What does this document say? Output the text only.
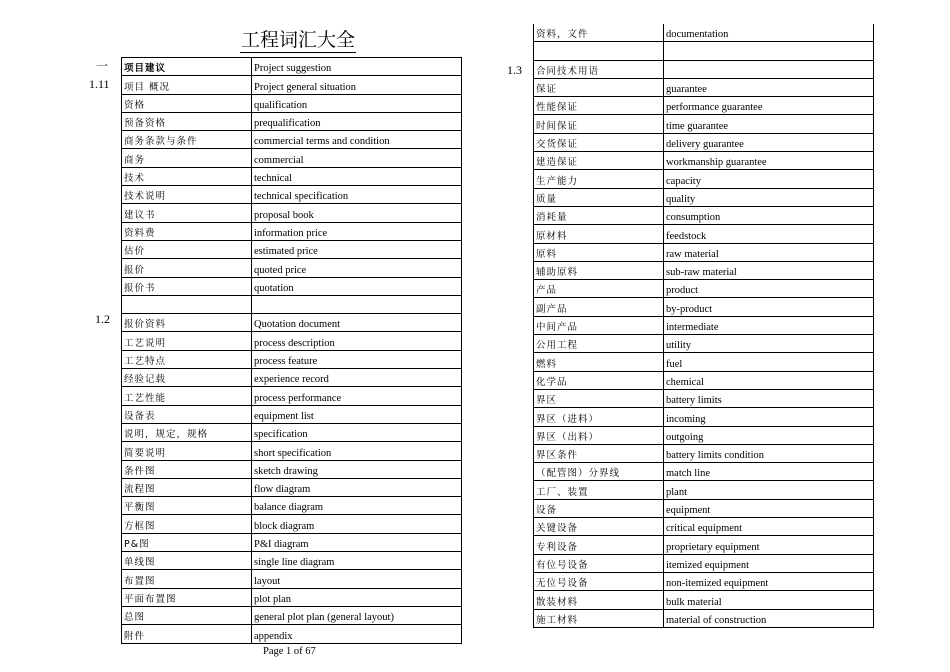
工程词汇大全
一
1.11
1.2
1.3
项目建议	Project suggestion
项目 概况	Project general situation
资格	qualification
预备资格	prequalification
商务条款与条件	commercial terms and condition
商务	commercial
技术	technical
技术说明	technical specification
建议书	proposal book
资料费	information price
估价	estimated price
报价	quoted price
报价书	quotation

报价资料	Quotation document
工艺说明	process description
工艺特点	process feature
经验记载	experience record
工艺性能	process performance
设备表	equipment list
说明，规定，规格	specification
简要说明	short specification
条件图	sketch drawing
流程图	flow diagram
平衡图	balance diagram
方框图	block diagram
P&图	P&I diagram
单线图	single line diagram
布置图	layout
平面布置图	plot plan
总图	general plot plan (general layout)
附件	appendix
资料，文件	documentation

合同技术用语	
保证	guarantee
性能保证	performance guarantee
时间保证	time guarantee
交货保证	delivery guarantee
建造保证	workmanship guarantee
生产能力	capacity
质量	quality
消耗量	consumption
原材料	feedstock
原料	raw material
辅助原料	sub-raw material
产品	product
副产品	by-product
中间产品	intermediate
公用工程	utility
燃料	fuel
化学品	chemical
界区	battery limits
界区（进料）	incoming
界区（出料）	outgoing
界区条件	battery limits condition
（配管图）分界线	match line
工厂、装置	plant
设备	equipment
关键设备	critical equipment
专利设备	proprietary equipment
有位号设备	itemized equipment
无位号设备	non-itemized equipment
散装材料	bulk material
施工材料	material of construction
Page 1 of 67
